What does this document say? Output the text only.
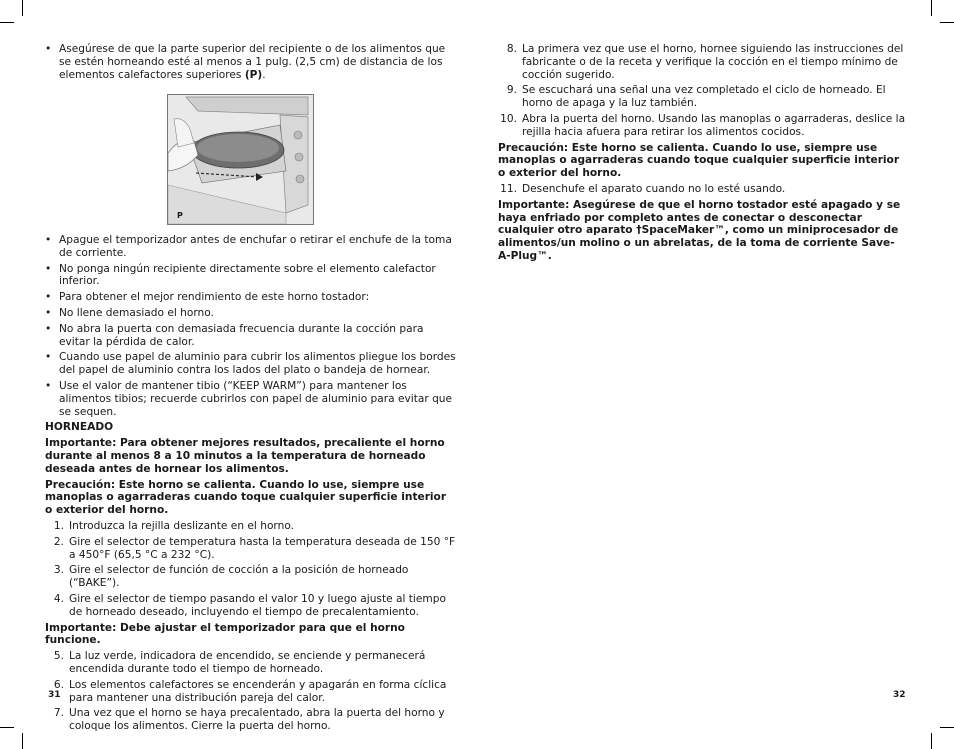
• Asegúrese de que la parte superior del recipiente o de los alimentos que se estén horneando esté al menos a 1 pulg. (2,5 cm) de distancia de los elementos calefactores superiores (P).
P
• Apague el temporizador antes de enchufar o retirar el enchufe de la toma de corriente.
• No ponga ningún recipiente directamente sobre el elemento calefactor inferior.
• Para obtener el mejor rendimiento de este horno tostador:
• No llene demasiado el horno.
• No abra la puerta con demasiada frecuencia durante la cocción para evitar la pérdida de calor.
• Cuando use papel de aluminio para cubrir los alimentos pliegue los bordes del papel de aluminio contra los lados del plato o bandeja de hornear.
• Use el valor de mantener tibio (“KEEP WARM”) para mantener los alimentos tibios; recuerde cubrirlos con papel de aluminio para evitar que se sequen.
HORNEADO
Importante: Para obtener mejores resultados, precaliente el horno durante al menos 8 a 10 minutos a la temperatura de horneado deseada antes de hornear los alimentos.
Precaución: Este horno se calienta. Cuando lo use, siempre use manoplas o agarraderas cuando toque cualquier superficie interior o exterior del horno.
1. Introduzca la rejilla deslizante en el horno.
2. Gire el selector de temperatura hasta la temperatura deseada de 150 °F a 450°F (65,5 °C a 232 °C).
3. Gire el selector de función de cocción a la posición de horneado (“BAKE”).
4. Gire el selector de tiempo pasando el valor 10 y luego ajuste al tiempo de horneado deseado, incluyendo el tiempo de precalentamiento.
Importante: Debe ajustar el temporizador para que el horno funcione.
5. La luz verde, indicadora de encendido, se enciende y permanecerá encendida durante todo el tiempo de horneado.
6. Los elementos calefactores se encenderán y apagarán en forma cíclica para mantener una distribución pareja del calor.
7. Una vez que el horno se haya precalentado, abra la puerta del horno y coloque los alimentos. Cierre la puerta del horno.
31
8. La primera vez que use el horno, hornee siguiendo las instrucciones del fabricante o de la receta y verifique la cocción en el tiempo mínimo de cocción sugerido.
9. Se escuchará una señal una vez completado el ciclo de horneado. El horno de apaga y la luz también.
10. Abra la puerta del horno. Usando las manoplas o agarraderas, deslice la rejilla hacia afuera para retirar los alimentos cocidos.
Precaución: Este horno se calienta. Cuando lo use, siempre use manoplas o agarraderas cuando toque cualquier superficie interior o exterior del horno.
11. Desenchufe el aparato cuando no lo esté usando.
Importante: Asegúrese de que el horno tostador esté apagado y se haya enfriado por completo antes de conectar o desconectar cualquier otro aparato †SpaceMaker™, como un miniprocesador de alimentos/un molino o un abrelatas, de la toma de corriente Save-A-Plug™.
32
